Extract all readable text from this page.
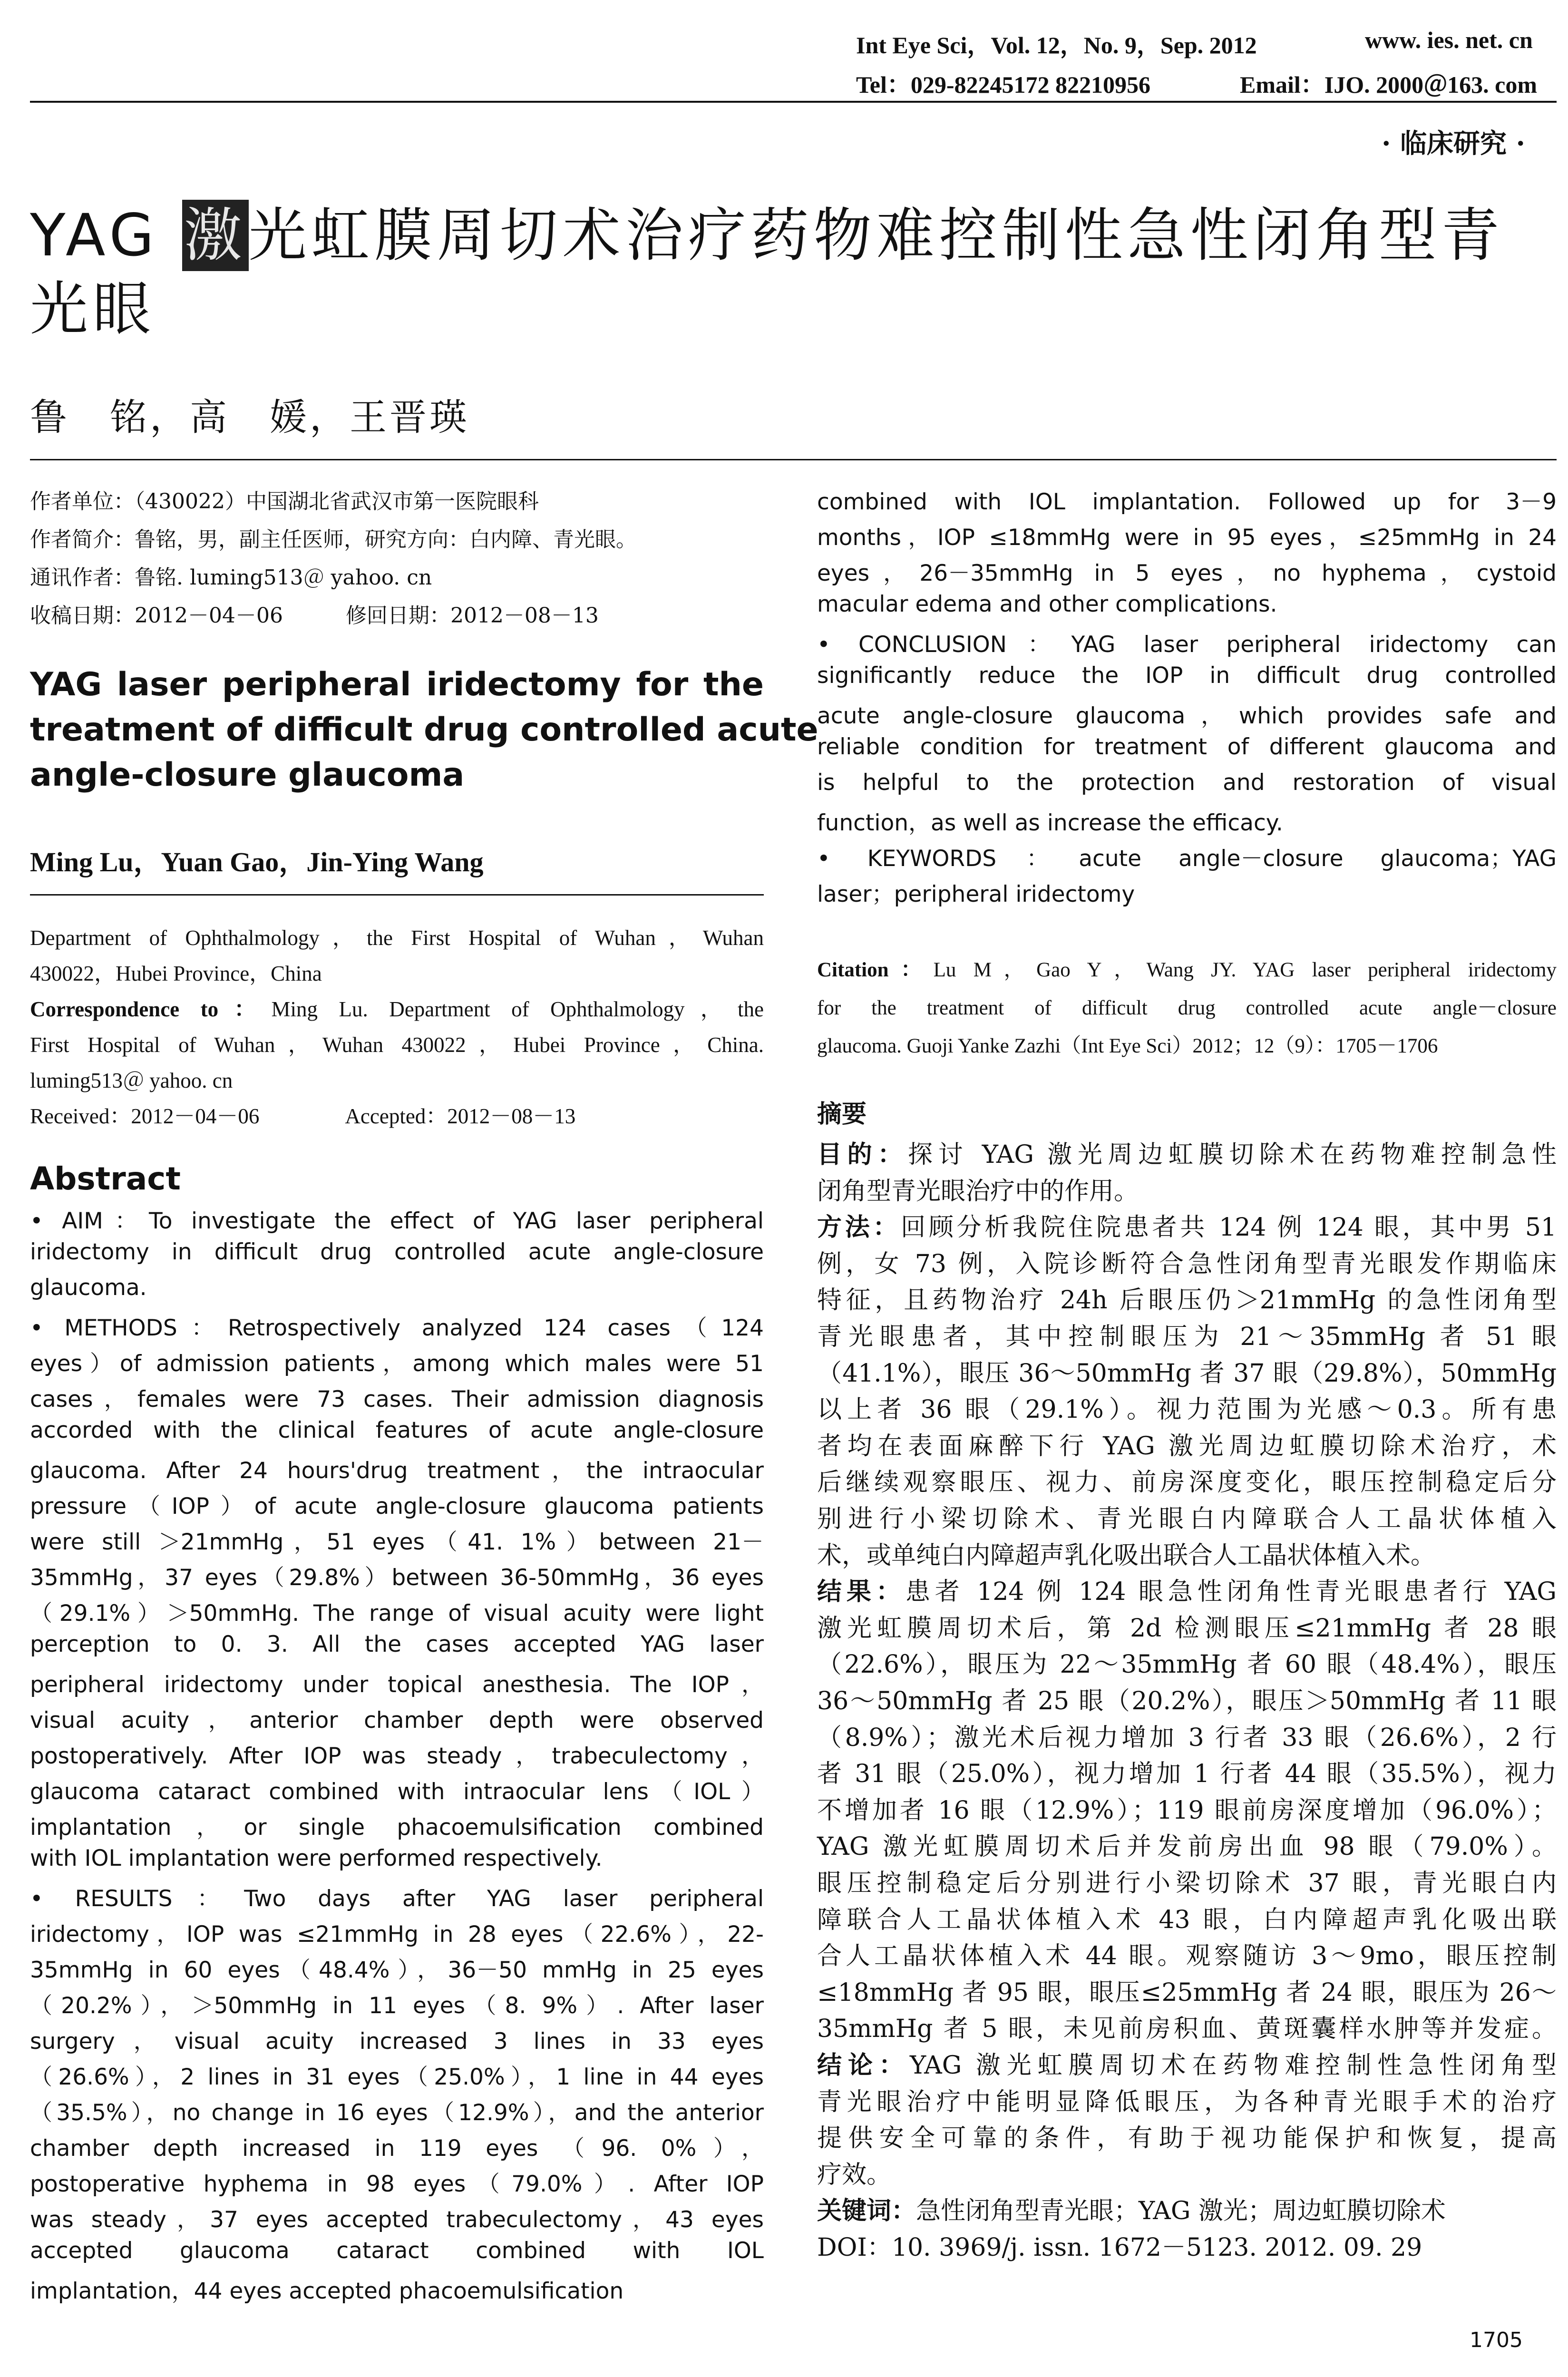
Int Eye Sci，Vol. 12，No. 9，Sep. 2012	www. ies. net. cn
Tel：029-82245172 82210956	Email：IJO. 2000＠163. com
· 临床研究 ·
YAG 激光虹膜周切术治疗药物难控制性急性闭角型青
光眼
鲁　铭，高　媛，王晋瑛
作者单位：（430022）中国湖北省武汉市第一医院眼科
作者简介：鲁铭，男，副主任医师，研究方向：白内障、青光眼。
通讯作者：鲁铭. luming513＠ yahoo. cn
收稿日期：2012－04－06　　　修回日期：2012－08－13
YAG laser peripheral iridectomy for the
treatment of difficult drug controlled acute
angle-closure glaucoma
Ming Lu，Yuan Gao，Jin-Ying Wang
Department of Ophthalmology，the First Hospital of Wuhan，Wuhan
430022，Hubei Province，China
Correspondence to：Ming Lu. Department of Ophthalmology，the
First Hospital of Wuhan，Wuhan 430022，Hubei Province，China.
luming513＠ yahoo. cn
Received：2012－04－06　　　　Accepted：2012－08－13
Abstract
• AIM：To investigate the effect of YAG laser peripheral
iridectomy in difficult drug controlled acute angle-closure
glaucoma.
• METHODS：Retrospectively analyzed 124 cases（124
eyes）of admission patients，among which males were 51
cases，females were 73 cases. Their admission diagnosis
accorded with the clinical features of acute angle-closure
glaucoma. After 24 hours'drug treatment，the intraocular
pressure（IOP）of acute angle-closure glaucoma patients
were still ＞21mmHg，51 eyes（41. 1%）between 21－
35mmHg，37 eyes（29.8%）between 36-50mmHg，36 eyes
（29.1%）＞50mmHg. The range of visual acuity were light
perception to 0. 3. All the cases accepted YAG laser
peripheral iridectomy under topical anesthesia. The IOP，
visual acuity，anterior chamber depth were observed
postoperatively. After IOP was steady，trabeculectomy，
glaucoma cataract combined with intraocular lens（IOL）
implantation，or single phacoemulsification combined
with IOL implantation were performed respectively.
• RESULTS：Two days after YAG laser peripheral
iridectomy，IOP was ≤21mmHg in 28 eyes（22.6%），22-
35mmHg in 60 eyes（48.4%），36－50 mmHg in 25 eyes
（20.2%），＞50mmHg in 11 eyes（8. 9%）. After laser
surgery，visual acuity increased 3 lines in 33 eyes
（26.6%），2 lines in 31 eyes（25.0%），1 line in 44 eyes
（35.5%），no change in 16 eyes（12.9%），and the anterior
chamber depth increased in 119 eyes （96. 0%），
postoperative hyphema in 98 eyes（79.0%）. After IOP
was steady，37 eyes accepted trabeculectomy，43 eyes
accepted glaucoma cataract combined with IOL
implantation，44 eyes accepted phacoemulsification
combined with IOL implantation. Followed up for 3－9
months，IOP ≤18mmHg were in 95 eyes，≤25mmHg in 24
eyes，26－35mmHg in 5 eyes，no hyphema，cystoid
macular edema and other complications.
• CONCLUSION：YAG laser peripheral iridectomy can
significantly reduce the IOP in difficult drug controlled
acute angle-closure glaucoma，which provides safe and
reliable condition for treatment of different glaucoma and
is helpful to the protection and restoration of visual
function，as well as increase the efficacy.
• KEYWORDS：acute angle－closure glaucoma；YAG
laser；peripheral iridectomy
Citation：Lu M，Gao Y，Wang JY. YAG laser peripheral iridectomy
for the treatment of difficult drug controlled acute angle－closure
glaucoma. Guoji Yanke Zazhi（Int Eye Sci）2012；12（9）：1705－1706
摘要
目的：探讨 YAG 激光周边虹膜切除术在药物难控制急性
闭角型青光眼治疗中的作用。
方法：回顾分析我院住院患者共 124 例 124 眼，其中男 51
例，女 73 例，入院诊断符合急性闭角型青光眼发作期临床
特征，且药物治疗 24h 后眼压仍＞21mmHg 的急性闭角型
青光眼患者，其中控制眼压为 21～35mmHg 者 51 眼
（41.1%），眼压 36～50mmHg 者 37 眼（29.8%），50mmHg
以上者 36 眼（29.1%）。视力范围为光感～0.3。所有患
者均在表面麻醉下行 YAG 激光周边虹膜切除术治疗，术
后继续观察眼压、视力、前房深度变化，眼压控制稳定后分
别进行小梁切除术、青光眼白内障联合人工晶状体植入
术，或单纯白内障超声乳化吸出联合人工晶状体植入术。
结果：患者 124 例 124 眼急性闭角性青光眼患者行 YAG
激光虹膜周切术后，第 2d 检测眼压≤21mmHg 者 28 眼
（22.6%），眼压为 22～35mmHg 者 60 眼（48.4%），眼压
36～50mmHg 者 25 眼（20.2%），眼压＞50mmHg 者 11 眼
（8.9%）；激光术后视力增加 3 行者 33 眼（26.6%），2 行
者 31 眼（25.0%），视力增加 1 行者 44 眼（35.5%），视力
不增加者 16 眼（12.9%）；119 眼前房深度增加（96.0%）；
YAG 激光虹膜周切术后并发前房出血 98 眼（79.0%）。
眼压控制稳定后分别进行小梁切除术 37 眼，青光眼白内
障联合人工晶状体植入术 43 眼，白内障超声乳化吸出联
合人工晶状体植入术 44 眼。观察随访 3～9mo，眼压控制
≤18mmHg 者 95 眼，眼压≤25mmHg 者 24 眼，眼压为 26～
35mmHg 者 5 眼，未见前房积血、黄斑囊样水肿等并发症。
结论：YAG 激光虹膜周切术在药物难控制性急性闭角型
青光眼治疗中能明显降低眼压，为各种青光眼手术的治疗
提供安全可靠的条件，有助于视功能保护和恢复，提高
疗效。
关键词：急性闭角型青光眼；YAG 激光；周边虹膜切除术
DOI：10. 3969/j. issn. 1672－5123. 2012. 09. 29
1705
